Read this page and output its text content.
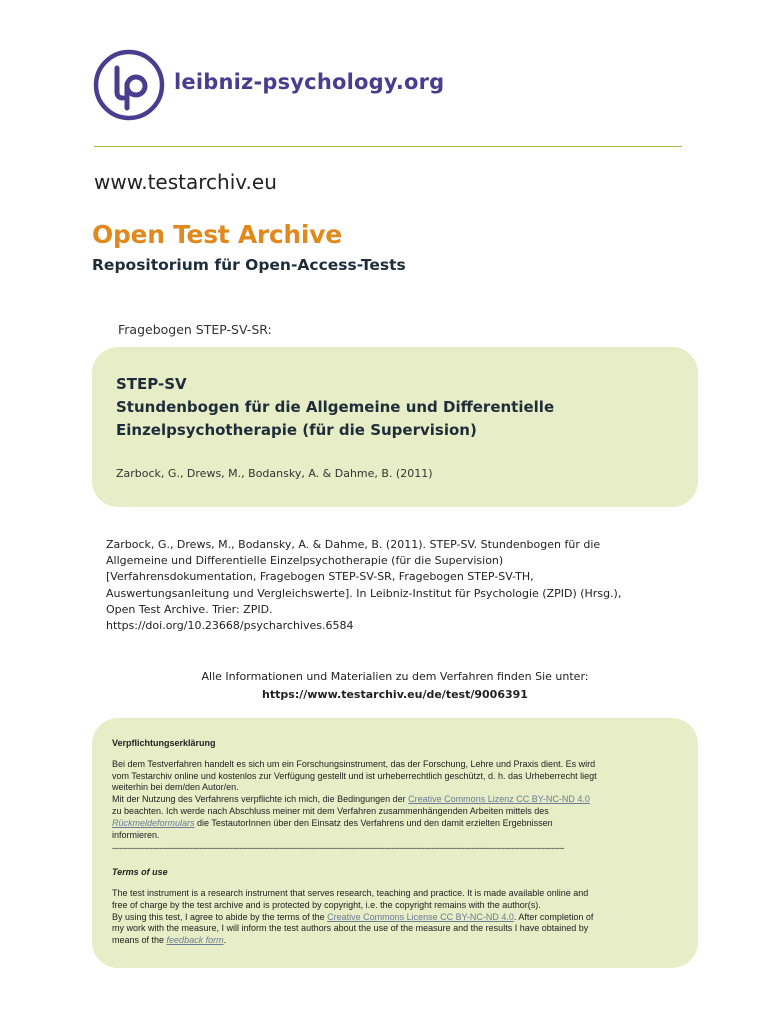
leibniz-psychology.org
www.testarchiv.eu
Open Test Archive
Repositorium für Open-Access-Tests
Fragebogen STEP-SV-SR:
STEP-SV
Stundenbogen für die Allgemeine und Differentielle
Einzelpsychotherapie (für die Supervision)
Zarbock, G., Drews, M., Bodansky, A. & Dahme, B. (2011)
Zarbock, G., Drews, M., Bodansky, A. & Dahme, B. (2011). STEP-SV. Stundenbogen für die
Allgemeine und Differentielle Einzelpsychotherapie (für die Supervision)
[Verfahrensdokumentation, Fragebogen STEP-SV-SR, Fragebogen STEP-SV-TH,
Auswertungsanleitung und Vergleichswerte]. In Leibniz-Institut für Psychologie (ZPID) (Hrsg.),
Open Test Archive. Trier: ZPID.
https://doi.org/10.23668/psycharchives.6584
Alle Informationen und Materialien zu dem Verfahren finden Sie unter:
https://www.testarchiv.eu/de/test/9006391
Verpflichtungserklärung
Bei dem Testverfahren handelt es sich um ein Forschungsinstrument, das der Forschung, Lehre und Praxis dient. Es wird
vom Testarchiv online und kostenlos zur Verfügung gestellt und ist urheberrechtlich geschützt, d. h. das Urheberrecht liegt
weiterhin bei dem/den Autor/en.
Mit der Nutzung des Verfahrens verpflichte ich mich, die Bedingungen der Creative Commons Lizenz CC BY-NC-ND 4.0
zu beachten. Ich werde nach Abschluss meiner mit dem Verfahren zusammenhängenden Arbeiten mittels des
Rückmeldeformulars die TestautorInnen über den Einsatz des Verfahrens und den damit erzielten Ergebnissen
informieren.
-------------------------------------------------------------------------------------------------------------------------------------------------------------------------------------
Terms of use
The test instrument is a research instrument that serves research, teaching and practice. It is made available online and
free of charge by the test archive and is protected by copyright, i.e. the copyright remains with the author(s).
By using this test, I agree to abide by the terms of the Creative Commons License CC BY-NC-ND 4.0. After completion of
my work with the measure, I will inform the test authors about the use of the measure and the results I have obtained by
means of the feedback form.
